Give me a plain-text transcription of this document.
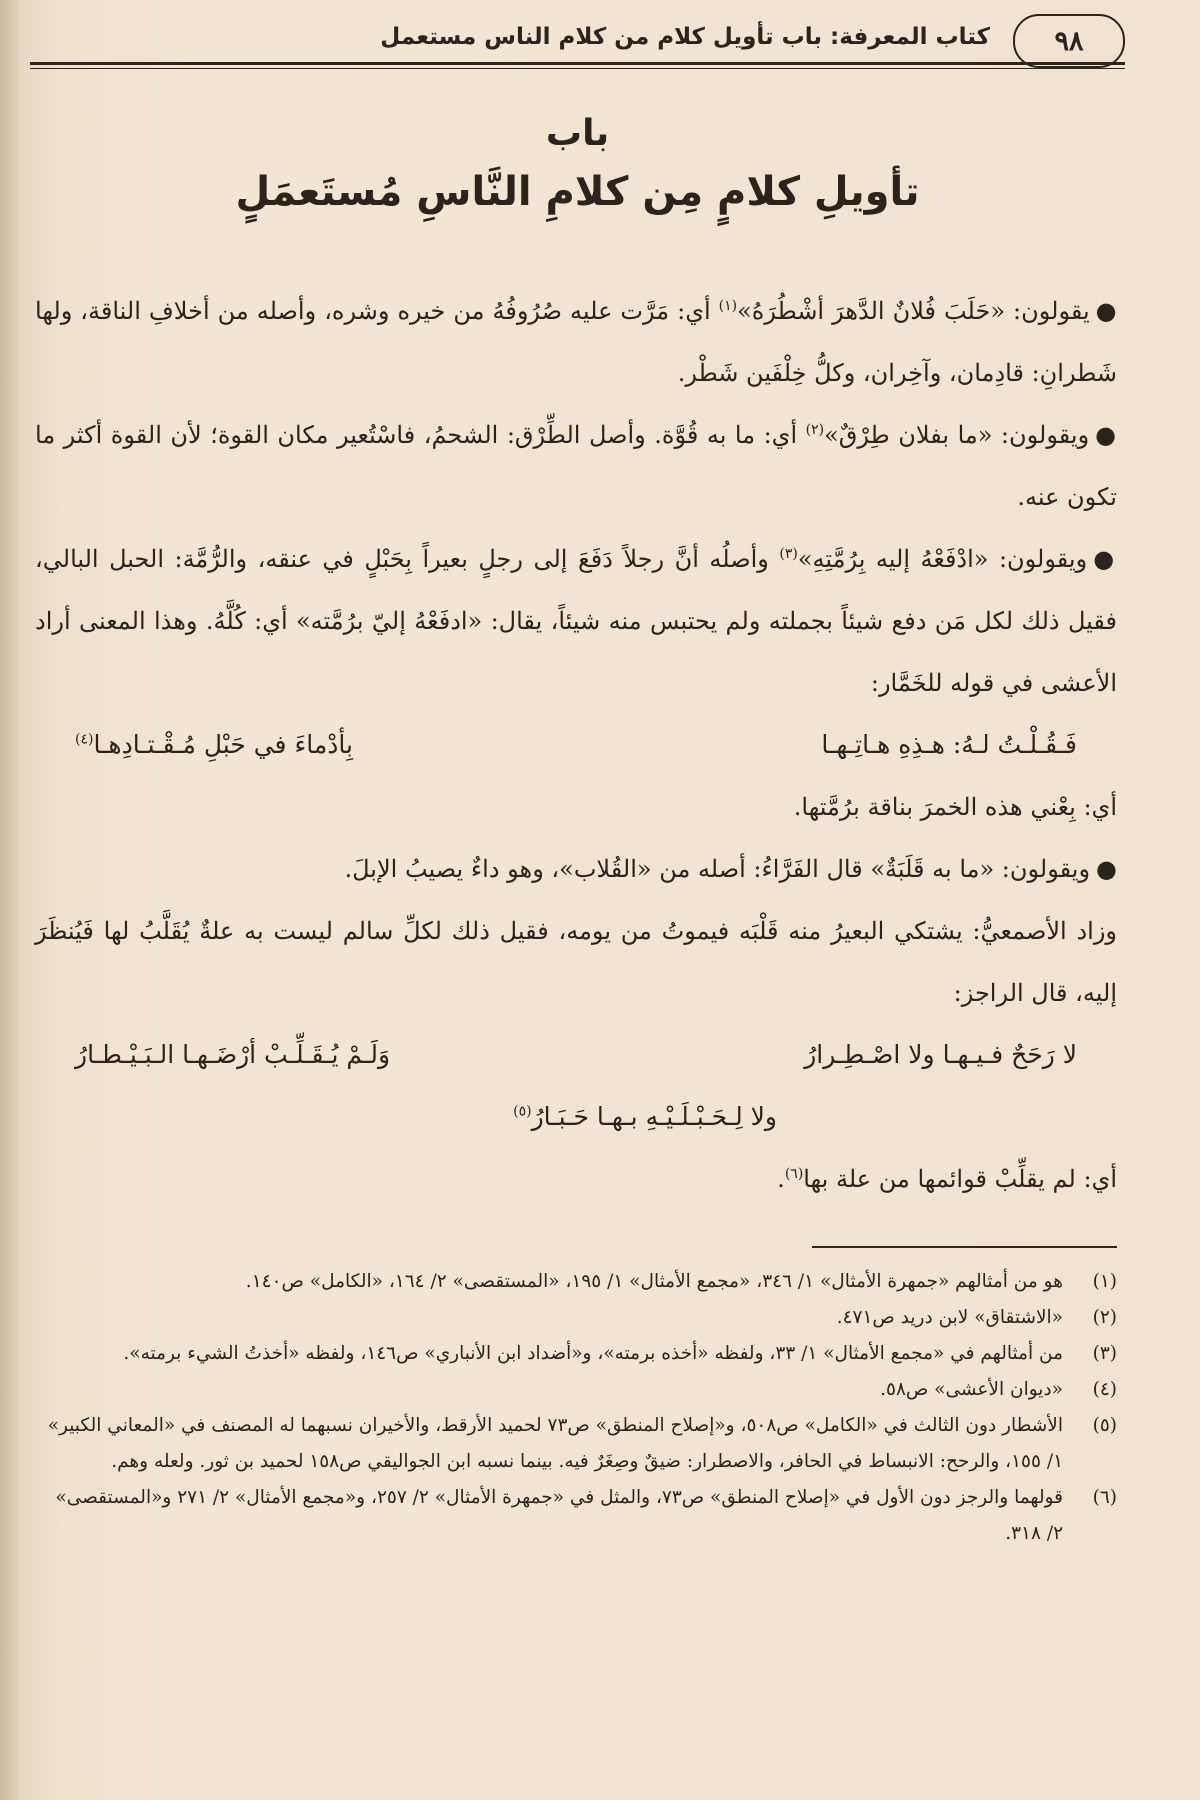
٩٨
كتاب المعرفة: باب تأويل كلام من كلام الناس مستعمل
باب
تأويلِ كلامٍ مِن كلامِ النَّاسِ مُستَعمَلٍ

●يقولون: «حَلَبَ فُلانٌ الدَّهرَ أشْطُرَهُ»$^{(١)}$ أي: مَرَّت عليه صُرُوفُهُ من خيره وشره، وأصله من أخلافِ الناقة، ولها شَطرانِ: قادِمان، وآخِران، وكلُّ خِلْفَين شَطْر.

●ويقولون: «ما بفلان طِرْقٌ»$^{(٢)}$ أي: ما به قُوَّة. وأصل الطِّرْق: الشحمُ، فاسْتُعير مكان القوة؛ لأن القوة أكثر ما تكون عنه.

●ويقولون: «ادْفَعْهُ إليه بِرُمَّتِهِ»$^{(٣)}$ وأصلُه أنَّ رجلاً دَفَعَ إلى رجلٍ بعيراً بِحَبْلٍ في عنقه، والرُّمَّة: الحبل البالي، فقيل ذلك لكل مَن دفع شيئاً بجملته ولم يحتبس منه شيئاً، يقال: «ادفَعْهُ إليّ برُمَّته» أي: كُلَّهُ. وهذا المعنى أراد الأعشى في قوله للخَمَّار:

فَـقُـلْـتُ لـهُ: هـذِهِ هـاتِـهـا
بِأدْماءَ في حَبْلِ مُـقْـتـادِهـا$^{(٤)}$

أي: بِعْني هذه الخمرَ بناقة برُمَّتها.

●ويقولون: «ما به قَلَبَةٌ» قال الفَرَّاءُ: أصله من «القُلاب»، وهو داءٌ يصيبُ الإبلَ.

وزاد الأصمعيُّ: يشتكي البعيرُ منه قَلْبَه فيموتُ من يومه، فقيل ذلك لكلِّ سالم ليست به علةٌ يُقَلَّبُ لها فَيُنظَرَ إليه، قال الراجز:

لا رَحَحٌ فـيـهـا ولا اصْـطِـرارُ
وَلَـمْ يُـقَـلِّـبْ أرْضَـهـا الـبَـيْـطـارُ
ولا لِـحَـبْـلَـيْـهِ بـهـا حَـبَـارُ$^{(٥)}$

أي: لم يقلِّبْ قوائمها من علة بها$^{(٦)}$.

(١)
هو من أمثالهم «جمهرة الأمثال» ١/ ٣٤٦، «مجمع الأمثال» ١/ ١٩٥، «المستقصى» ٢/ ١٦٤، «الكامل» ص١٤٠.
(٢)
«الاشتقاق» لابن دريد ص٤٧١.
(٣)
من أمثالهم في «مجمع الأمثال» ١/ ٣٣، ولفظه «أخذه برمته»، و«أضداد ابن الأنباري» ص١٤٦، ولفظه «أخذتُ الشيء برمته».
(٤)
«ديوان الأعشى» ص٥٨.
(٥)
الأشطار دون الثالث في «الكامل» ص٥٠٨، و«إصلاح المنطق» ص٧٣ لحميد الأرقط، والأخيران نسبهما له المصنف في «المعاني الكبير» ١/ ١٥٥، والرحح: الانبساط في الحافر، والاصطرار: ضيقٌ وصِغَرٌ فيه. بينما نسبه ابن الجواليقي ص١٥٨ لحميد بن ثور. ولعله وهم.
(٦)
قولهما والرجز دون الأول في «إصلاح المنطق» ص٧٣، والمثل في «جمهرة الأمثال» ٢/ ٢٥٧، و«مجمع الأمثال» ٢/ ٢٧١ و«المستقصى» ٢/ ٣١٨.
